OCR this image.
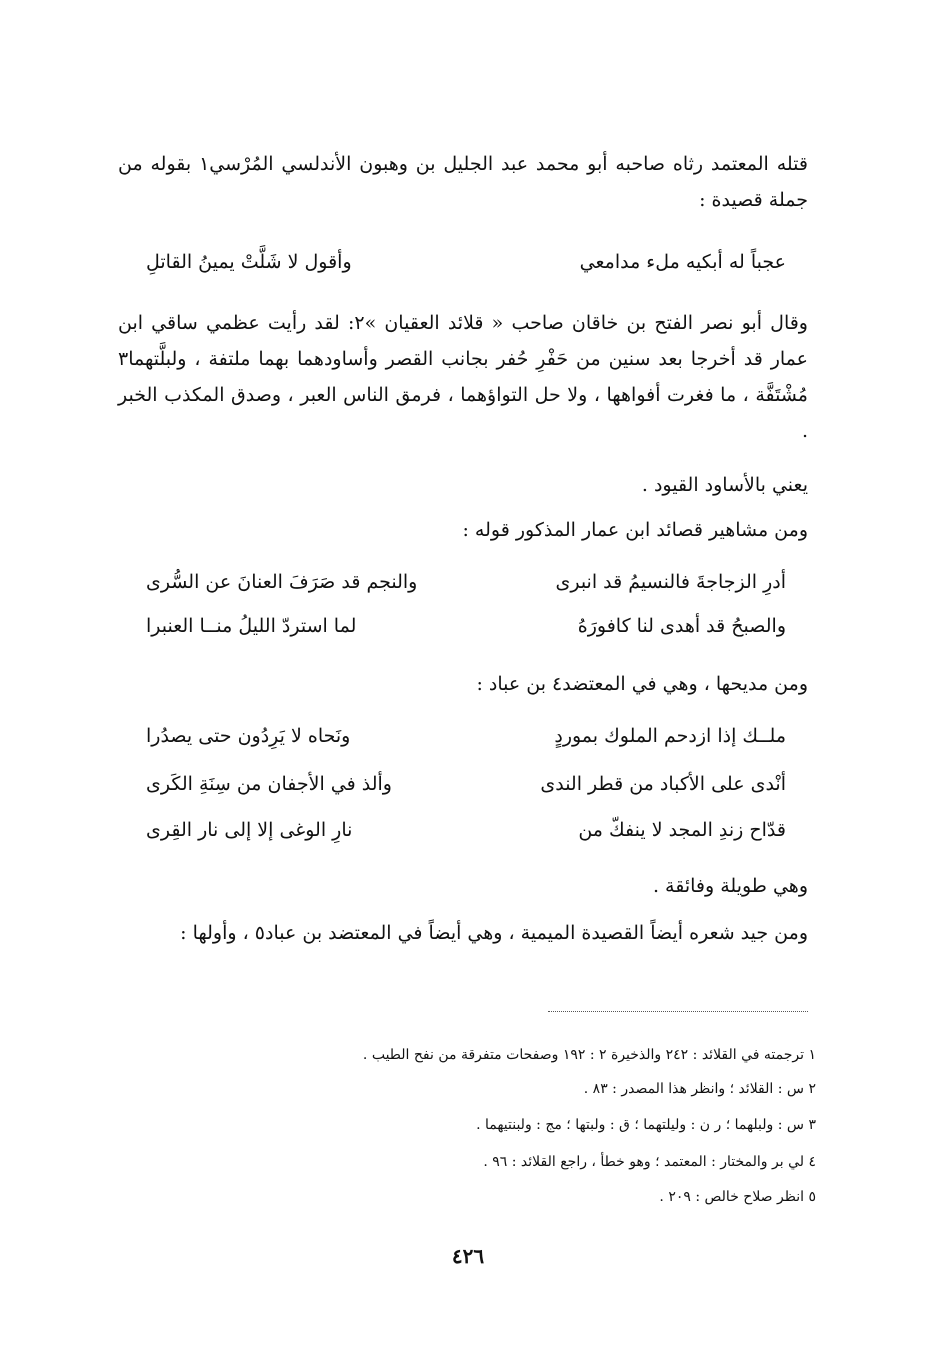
قتله المعتمد رثاه صاحبه أبو محمد عبد الجليل بن وهبون الأندلسي المُرْسي١ بقوله من جملة قصيدة :

عجباً له أبكيه ملء مدامعي
وأقول لا شَلَّتْ يمينُ القاتلِ

وقال أبو نصر الفتح بن خاقان صاحب « قلائد العقيان »٢: لقد رأيت عظمي ساقي ابن عمار قد أخرجا بعد سنين من حَفْرِ حُفر بجانب القصر وأساودهما بهما ملتفة ، ولبلَّتهما٣ مُشْتَفَّة ، ما فغرت أفواهها ، ولا حل التواؤهما ، فرمق الناس العبر ، وصدق المكذب الخبر .

يعني بالأساود القيود .

ومن مشاهير قصائد ابن عمار المذكور قوله :

أدرِ الزجاجةَ فالنسيمُ قد انبرى
والنجم قد صَرَفَ العنانَ عن السُّرى
والصبحُ قد أهدى لنا كافورَهُ
لما استردّ الليلُ منــا العنبرا

ومن مديحها ، وهي في المعتضد٤ بن عباد :

ملــك إذا ازدحم الملوك بموردٍ
ونَحاه لا يَرِدُون حتى يصدُرا
أنْدى على الأكباد من قطر الندى
وألذ في الأجفان من سِنَةِ الكَرى
قدّاح زندِ المجد لا ينفكّ من
نارِ الوغى إلا إلى نار القِرى

وهي طويلة وفائقة .

ومن جيد شعره أيضاً القصيدة الميمية ، وهي أيضاً في المعتضد بن عباد٥ ، وأولها :

١ ترجمته في القلائد : ٢٤٢ والذخيرة ٢ : ١٩٢ وصفحات متفرقة من نفح الطيب .
٢ س : القلائد ؛ وانظر هذا المصدر : ٨٣ .
٣ س : ولبلهما ؛ ر ن : وليلتهما ؛ ق : ولبتها ؛ مج : ولبنتيهما .
٤ لي بر والمختار : المعتمد ؛ وهو خطأ ، راجع القلائد : ٩٦ .
٥ انظر صلاح خالص : ٢٠٩ .
٤٢٦
